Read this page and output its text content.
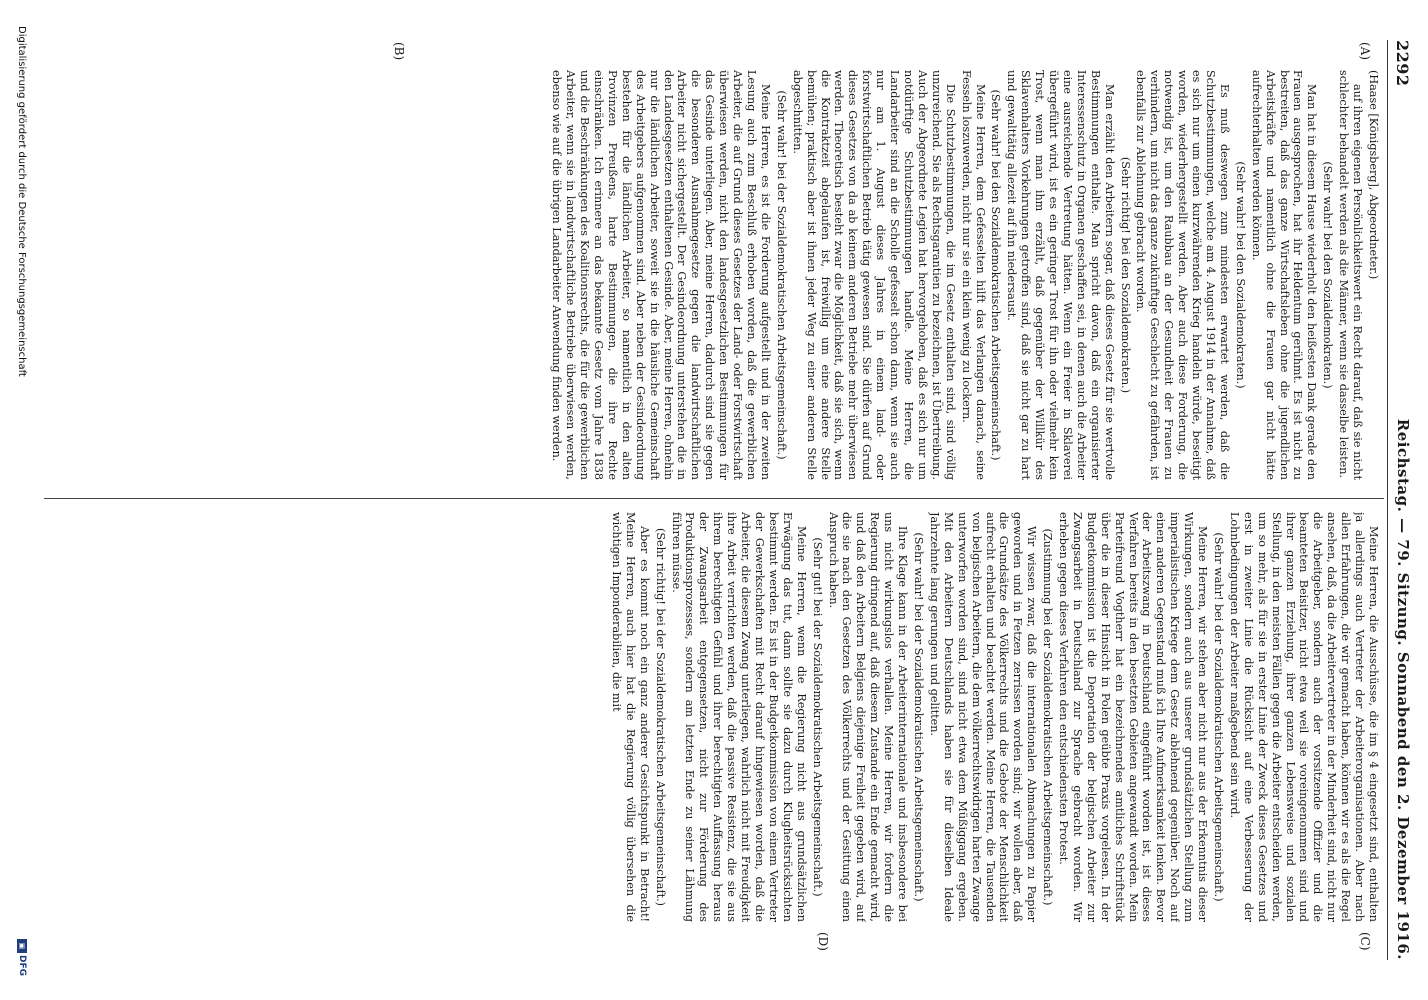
2292
Reichstag. — 79. Sitzung. Sonnabend den 2. Dezember 1916.
(A)
(B)
(C)
(D)

(Haase [Königsberg], Abgeordneter.)

auf ihren eigenen Persönlichkeitswert ein Recht darauf, daß sie nicht schlechter behandelt werden als die Männer, wenn sie dasselbe leisten.

(Sehr wahr! bei den Sozialdemokraten.)

Man hat in diesem Hause wiederholt den heißesten Dank gerade den Frauen ausgesprochen, hat ihr Heldentum gerühmt. Es ist nicht zu bestreiten, daß das ganze Wirtschaftsleben ohne die jugendlichen Arbeitskräfte und namentlich ohne die Frauen gar nicht hätte aufrechterhalten werden können.

(Sehr wahr! bei den Sozialdemokraten.)

Es muß deswegen zum mindesten erwartet werden, daß die Schutzbestimmungen, welche am 4. August 1914 in der Annahme, daß es sich nur um einen kurzwährenden Krieg handeln würde, beseitigt worden, wiederhergestellt werden. Aber auch diese Forderung, die notwendig ist, um den Raubbau an der Gesundheit der Frauen zu verhindern, um nicht das ganze zukünftige Geschlecht zu gefährden, ist ebenfalls zur Ablehnung gebracht worden.

(Sehr richtig! bei den Sozialdemokraten.)

Man erzählt den Arbeitern sogar, daß dieses Gesetz für sie wertvolle Bestimmungen enthalte. Man spricht davon, daß ein organisierter Interessenschutz in Organen geschaffen sei, in denen auch die Arbeiter eine ausreichende Vertretung hätten. Wenn ein Freier in Sklaverei übergeführt wird, ist es ein geringer Trost für ihn oder vielmehr kein Trost, wenn man ihm erzählt, daß gegenüber der Willkür des Sklavenhalters Vorkehrungen getroffen sind, daß sie nicht gar zu hart und gewalttätig allezeit auf ihn niedersaust.

(Sehr wahr! bei den Sozialdemokratischen Arbeitsgemeinschaft.)

Meine Herren, dem Gefesselten hilft das Verlangen danach, seine Fesseln loszuwerden, nicht nur sie ein klein wenig zu lockern.

Die Schutzbestimmungen, die im Gesetz enthalten sind, sind völlig unzureichend. Sie als Rechtsgarantien zu bezeichnen, ist Übertreibung. Auch der Abgeordnete Legien hat hervorgehoben, daß es sich nur um notdürftige Schutzbestimmungen handle. Meine Herren, die Landarbeiter sind an die Scholle gefesselt schon dann, wenn sie auch nur am 1. August dieses Jahres in einem land- oder forstwirtschaftlichen Betrieb tätig gewesen sind. Sie dürfen auf Grund dieses Gesetzes von da ab keinem anderen Betriebe mehr überwiesen werden. Theoretisch besteht zwar die Möglichkeit, daß sie sich, wenn die Kontraktzeit abgelaufen ist, freiwillig um eine andere Stelle bemühen; praktisch aber ist ihnen jeder Weg zu einer anderen Stelle abgeschnitten.

(Sehr wahr! bei der Sozialdemokratischen Arbeitsgemeinschaft.)

Meine Herren, es ist die Forderung aufgestellt und in der zweiten Lesung auch zum Beschluß erhoben worden, daß die gewerblichen Arbeiter, die auf Grund dieses Gesetzes der Land- oder Forstwirtschaft überwiesen werden, nicht den landesgesetzlichen Bestimmungen für das Gesinde unterliegen. Aber, meine Herren, dadurch sind sie gegen die besonderen Ausnahmegesetze gegen die landwirtschaftlichen Arbeiter nicht sichergestellt. Der Gesindeordnung unterstehen die in den Landesgesetzen enthaltenen Gesinde. Aber, meine Herren, ohnehin nur die ländlichen Arbeiter, soweit sie in die häusliche Gemeinschaft des Arbeitgebers aufgenommen sind. Aber neben der Gesindeordnung bestehen für die ländlichen Arbeiter, so namentlich in den alten Provinzen Preußens, harte Bestimmungen, die ihre Rechte einschränken. Ich erinnere an das bekannte Gesetz vom Jahre 1838 und die Beschränkungen des Koalitionsrechts, die für die gewerblichen Arbeiter, wenn sie in landwirtschaftliche Betriebe überwiesen werden, ebenso wie auf die übrigen Landarbeiter Anwendung finden werden.

Meine Herren, die Ausschüsse, die im § 4 eingesetzt sind, enthalten ja allerdings auch Vertreter der Arbeiterorganisationen. Aber nach allen Erfahrungen, die wir gemacht haben, können wir es als die Regel ansehen, daß, da die Arbeitervertreter in der Minderheit sind, nicht nur die Arbeitgeber, sondern auch der vorsitzende Offizier und die beamteten Beisitzer, nicht etwa weil sie voreingenommen sind und ihrer ganzen Erziehung, ihrer ganzen Lebensweise und sozialen Stellung, in den meisten Fällen gegen die Arbeiter entscheiden werden, um so mehr, als für sie in erster Linie der Zweck dieses Gesetzes und erst in zweiter Linie die Rücksicht auf eine Verbesserung der Lohnbedingungen der Arbeiter maßgebend sein wird.

(Sehr wahr! bei der Sozialdemokratischen Arbeitsgemeinschaft.)

Meine Herren, wir stehen aber nicht nur aus der Erkenntnis dieser Wirkungen, sondern auch aus unserer grundsätzlichen Stellung zum imperialistischen Kriege dem Gesetz ablehnend gegenüber. Noch auf einen anderen Gegenstand muß ich Ihre Aufmerksamkeit lenken. Bevor der Arbeitszwang in Deutschland eingeführt worden ist, ist dieses Verfahren bereits in den besetzten Gebieten angewandt worden. Mein Parteifreund Vogtherr hat ein bezeichnendes amtliches Schriftstück über die in dieser Hinsicht in Polen geübte Praxis vorgelesen. In der Budgetkommission ist die Deportation der belgischen Arbeiter zur Zwangsarbeit in Deutschland zur Sprache gebracht worden. Wir erheben gegen dieses Verfahren den entschiedensten Protest.

(Zustimmung bei der Sozialdemokratischen Arbeitsgemeinschaft.)

Wir wissen zwar, daß die internationalen Abmachungen zu Papier geworden und in Fetzen zerrissen worden sind; wir wollen aber, daß die Grundsätze des Völkerrechts und die Gebote der Menschlichkeit aufrecht erhalten und beachtet werden. Meine Herren, die Tausenden von belgischen Arbeitern, die dem völkerrechtswidrigen harten Zwange unterworfen worden sind, sind nicht etwa dem Müßiggang ergeben. Mit den Arbeitern Deutschlands haben sie für dieselben Ideale Jahrzehnte lang gerungen und gelitten.

(Sehr wahr! bei der Sozialdemokratischen Arbeitsgemeinschaft.)

Ihre Klage kann in der Arbeiterinternationale und insbesondere bei uns nicht wirkungslos verhallen. Meine Herren, wir fordern die Regierung dringend auf, daß diesem Zustande ein Ende gemacht wird, und daß den Arbeitern Belgiens diejenige Freiheit gegeben wird, auf die sie nach den Gesetzen des Völkerrechts und der Gesittung einen Anspruch haben.

(Sehr gut! bei der Sozialdemokratischen Arbeitsgemeinschaft.)

Meine Herren, wenn die Regierung nicht aus grundsätzlichen Erwägung das tut, dann sollte sie dazu durch Klugheitsrücksichten bestimmt werden. Es ist in der Budgetkommission von einem Vertreter der Gewerkschaften mit Recht darauf hingewiesen worden, daß die Arbeiter, die diesem Zwang unterliegen, wahrlich nicht mit Freudigkeit ihre Arbeit verrichten werden, daß die passive Resistenz, die sie aus ihrem berechtigten Gefühl und ihrer berechtigten Auffassung heraus der Zwangsarbeit entgegensetzen, nicht zur Förderung des Produktionsprozesses, sondern am letzten Ende zu seiner Lähmung führen müsse.

(Sehr richtig! bei der Sozialdemokratischen Arbeitsgemeinschaft.)

Aber es kommt noch ein ganz anderer Gesichtspunkt in Betracht! Meine Herren, auch hier hat die Regierung völlig übersehen die wichtigen Imponderabilien, die mit

Digitalisierung gefördert durch die Deutsche Forschungsgemeinschaft
▣
DFG
